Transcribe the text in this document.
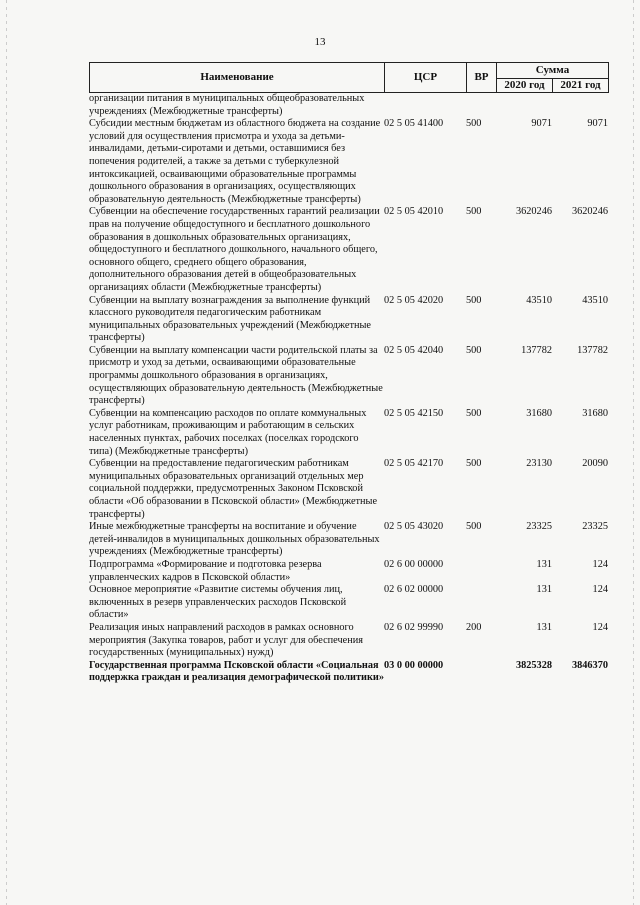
13
Наименование	ЦСР	ВР	Сумма	
			2020 год	2021 год
организации питания в муниципальных общеобразовательных учреждениях (Межбюджетные трансферты)				
Субсидии местным бюджетам из областного бюджета на создание условий для осуществления присмотра и ухода за детьми-инвалидами, детьми-сиротами и детьми, оставшимися без попечения родителей, а также за детьми с туберкулезной интоксикацией, осваивающими образовательные программы дошкольного образования в организациях, осуществляющих образовательную деятельность (Межбюджетные трансферты)	02 5 05 41400	500	9071	9071
Субвенции на обеспечение государственных гарантий реализации прав на получение общедоступного и бесплатного дошкольного образования в дошкольных образовательных организациях, общедоступного и бесплатного дошкольного, начального общего, основного общего, среднего общего образования, дополнительного образования детей в общеобразовательных организациях области (Межбюджетные трансферты)	02 5 05 42010	500	3620246	3620246
Субвенции на выплату вознаграждения за выполнение функций классного руководителя педагогическим работникам муниципальных образовательных учреждений (Межбюджетные трансферты)	02 5 05 42020	500	43510	43510
Субвенции на выплату компенсации части родительской платы за присмотр и уход за детьми, осваивающими образовательные программы дошкольного образования в организациях, осуществляющих образовательную деятельность (Межбюджетные трансферты)	02 5 05 42040	500	137782	137782
Субвенции на компенсацию расходов по оплате коммунальных услуг работникам, проживающим и работающим в сельских населенных пунктах, рабочих поселках (поселках городского типа) (Межбюджетные трансферты)	02 5 05 42150	500	31680	31680
Субвенции на предоставление педагогическим работникам муниципальных образовательных организаций отдельных мер социальной поддержки, предусмотренных Законом Псковской области «Об образовании в Псковской области» (Межбюджетные трансферты)	02 5 05 42170	500	23130	20090
Иные межбюджетные трансферты на воспитание и обучение детей-инвалидов в муниципальных дошкольных образовательных учреждениях (Межбюджетные трансферты)	02 5 05 43020	500	23325	23325
Подпрограмма «Формирование и подготовка резерва управленческих кадров в Псковской области»	02 6 00 00000		131	124
Основное мероприятие «Развитие системы обучения лиц, включенных в резерв управленческих расходов Псковской области»	02 6 02 00000		131	124
Реализация иных направлений расходов в рамках основного мероприятия (Закупка товаров, работ и услуг для обеспечения государственных (муниципальных) нужд)	02 6 02 99990	200	131	124
Государственная программа Псковской области «Социальная поддержка граждан и реализация демографической политики»	03 0 00 00000		3825328	3846370
